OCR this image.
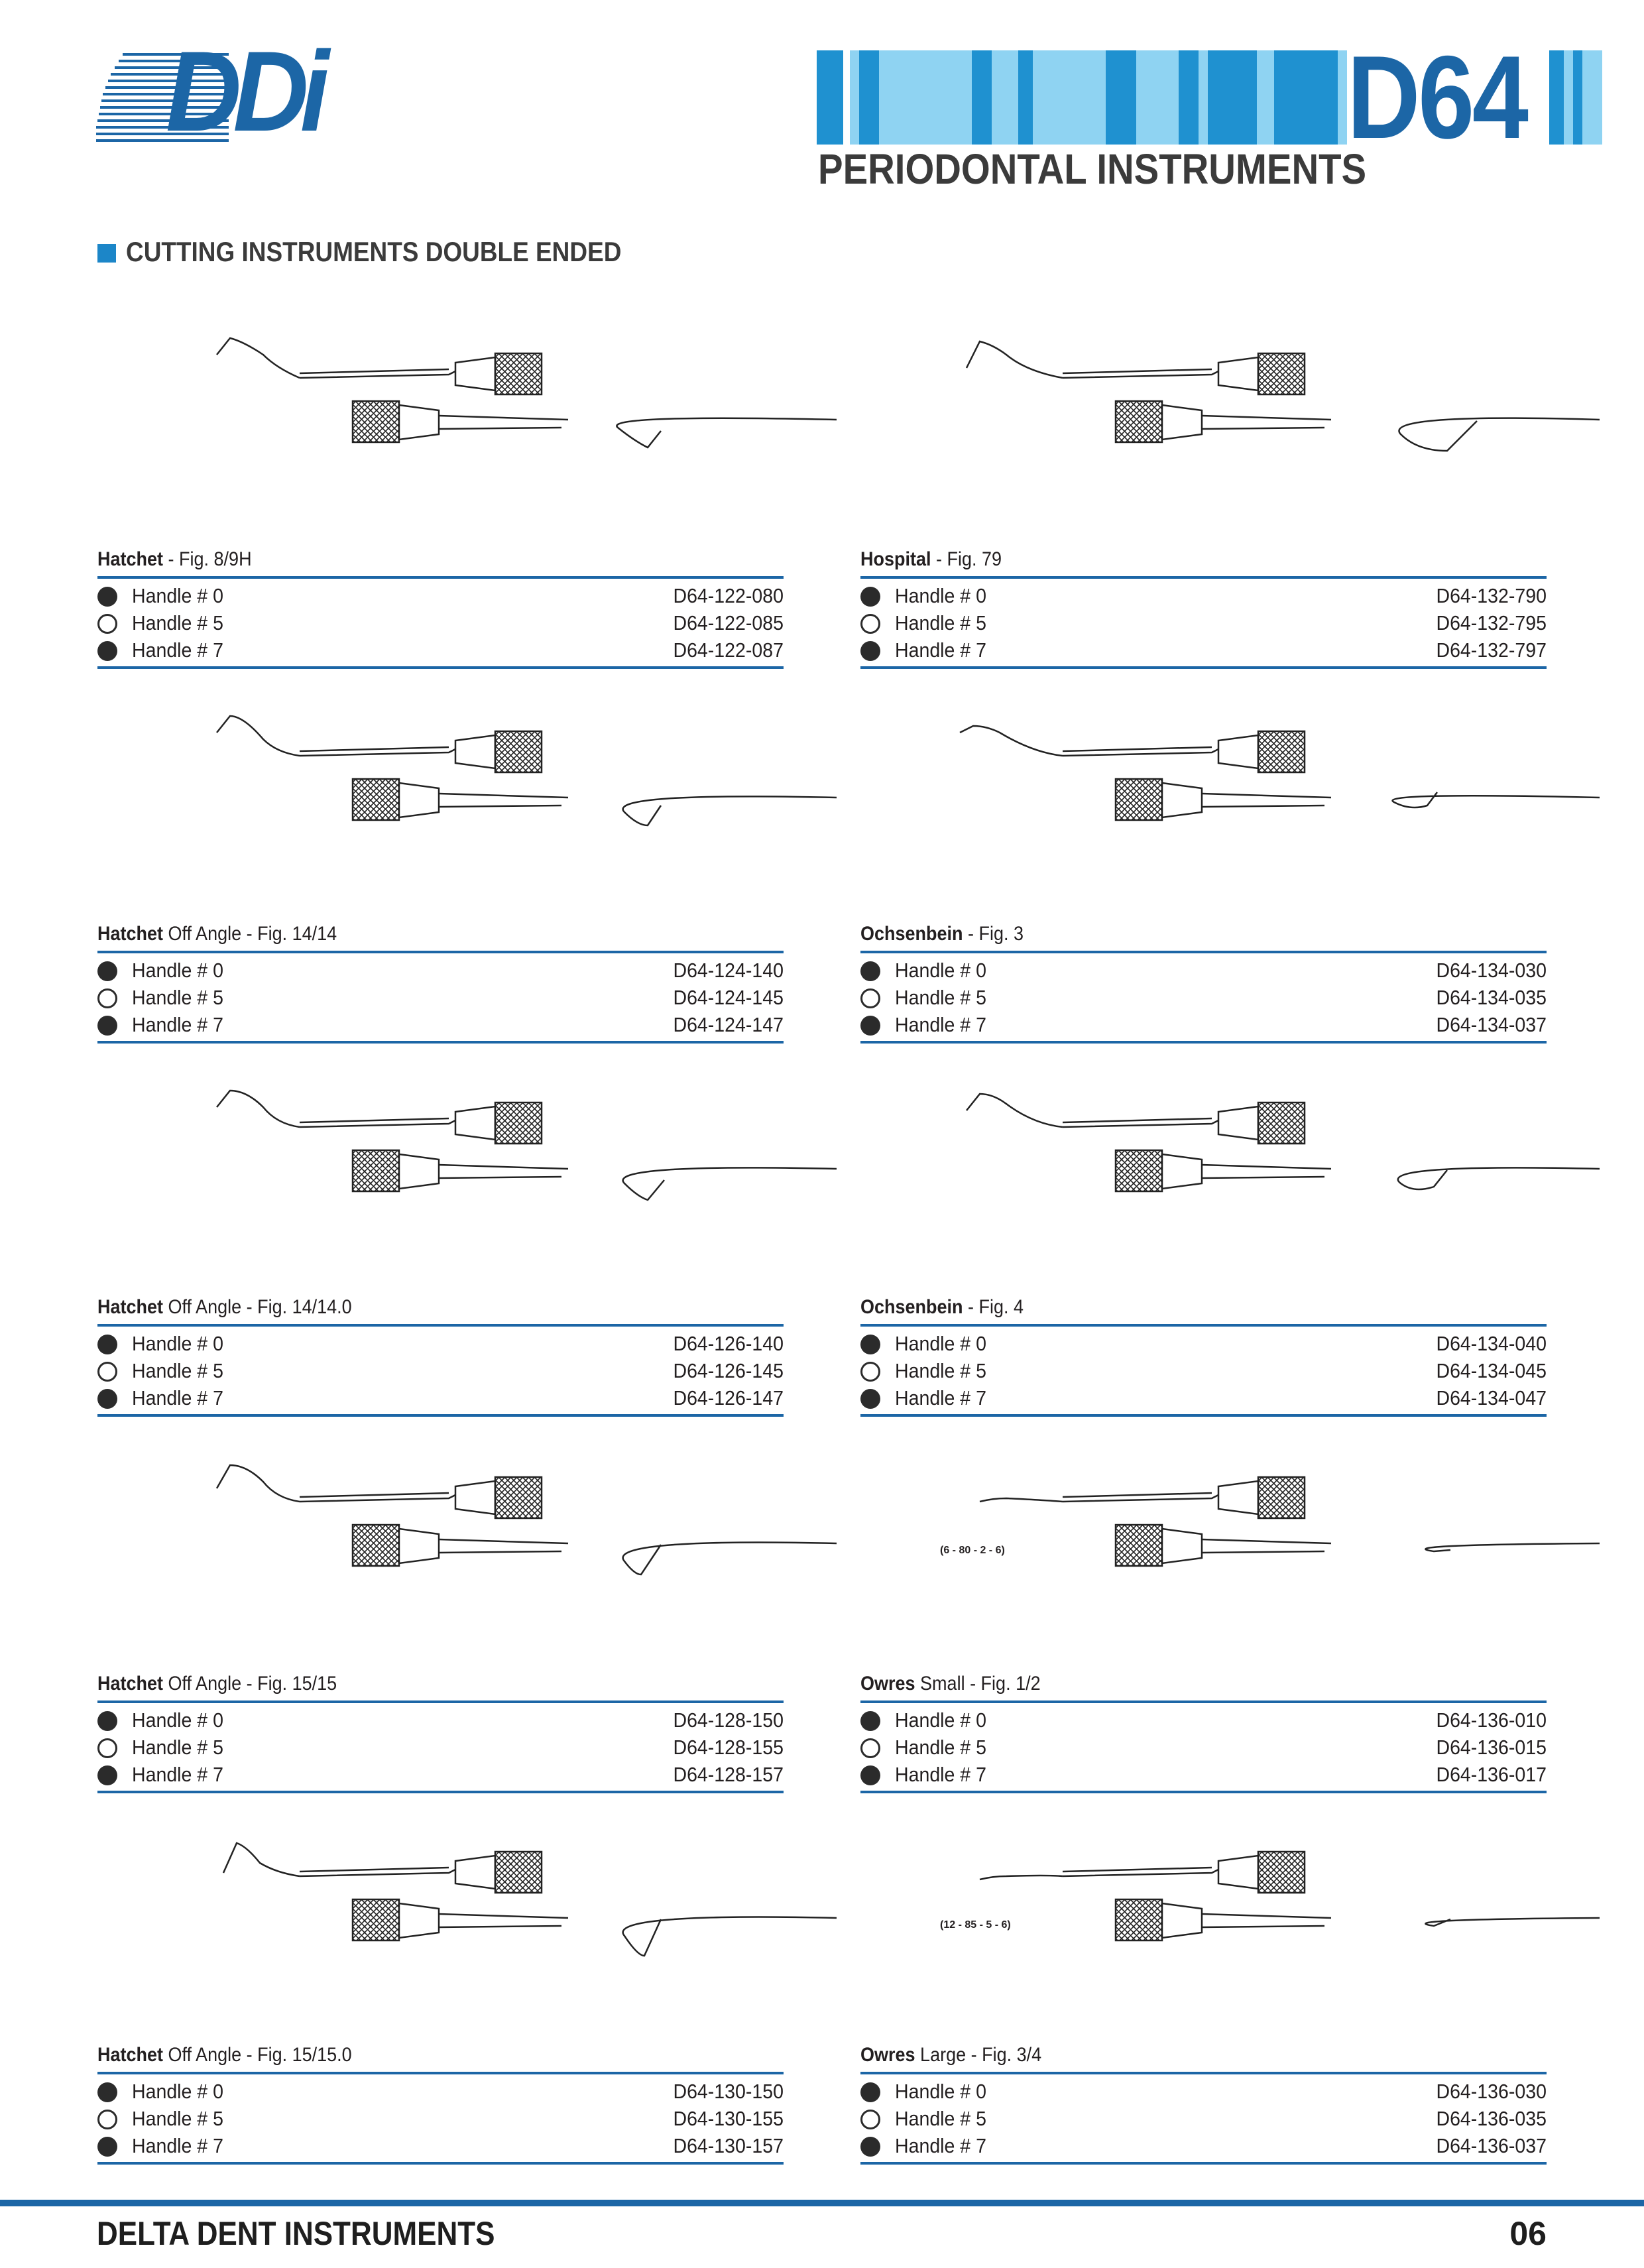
DDi	D64
PERIODONTAL INSTRUMENTS
CUTTING INSTRUMENTS DOUBLE ENDED
Hatchet - Fig. 8/9H
Handle # 0	D64-122-080
Handle # 5	D64-122-085
Handle # 7	D64-122-087
Hospital - Fig. 79
Handle # 0	D64-132-790
Handle # 5	D64-132-795
Handle # 7	D64-132-797
Hatchet Off Angle - Fig. 14/14
Handle # 0	D64-124-140
Handle # 5	D64-124-145
Handle # 7	D64-124-147
Ochsenbein - Fig. 3
Handle # 0	D64-134-030
Handle # 5	D64-134-035
Handle # 7	D64-134-037
Hatchet Off Angle - Fig. 14/14.0
Handle # 0	D64-126-140
Handle # 5	D64-126-145
Handle # 7	D64-126-147
Ochsenbein - Fig. 4
Handle # 0	D64-134-040
Handle # 5	D64-134-045
Handle # 7	D64-134-047
Hatchet Off Angle - Fig. 15/15
Handle # 0	D64-128-150
Handle # 5	D64-128-155
Handle # 7	D64-128-157
(6 - 80 - 2 - 6)
Owres Small - Fig. 1/2
Handle # 0	D64-136-010
Handle # 5	D64-136-015
Handle # 7	D64-136-017
Hatchet Off Angle - Fig. 15/15.0
Handle # 0	D64-130-150
Handle # 5	D64-130-155
Handle # 7	D64-130-157
(12 - 85 - 5 - 6)
Owres Large - Fig. 3/4
Handle # 0	D64-136-030
Handle # 5	D64-136-035
Handle # 7	D64-136-037
DELTA DENT INSTRUMENTS	06
